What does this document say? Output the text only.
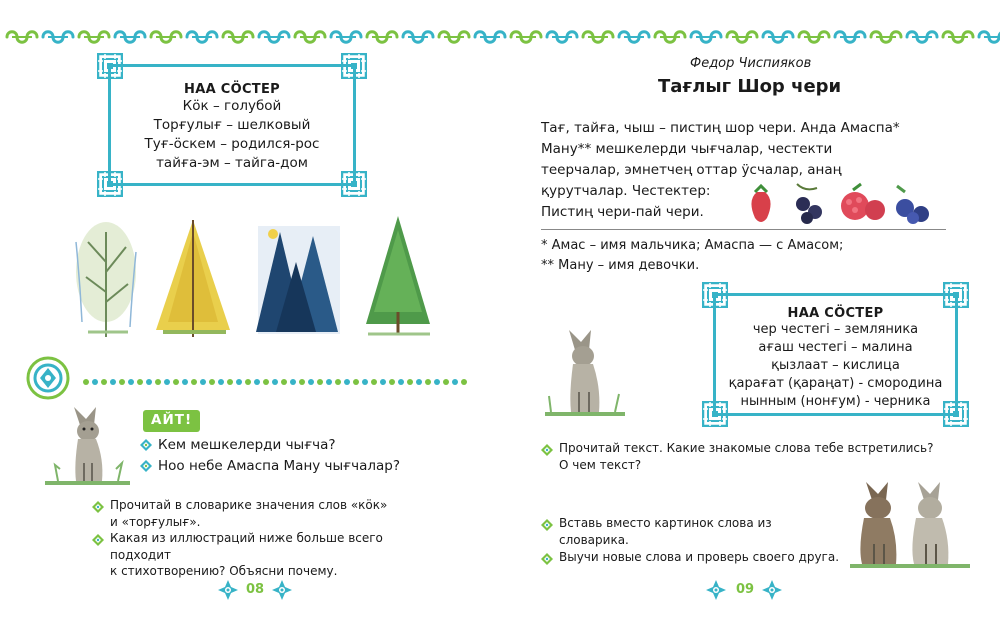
НАА СӦСТЕР
Кӧк – голубой
Торғулығ – шелковый
Туғ-ӧскем – родился-рос
тайға-эм – тайга-дом
АЙТ!
Кем мешкелерди чығча?
Ноо небе Амаспа Ману чығчалар?
Прочитай в словарике значения слов «кӧк»
и «торғулығ».
Какая из иллюстраций ниже больше всего подходит
к стихотворению? Объясни почему.
08
Федор Чиспияков
Тағлыг Шор чери

Тағ, тайға, чыш – пистиң шор чери. Анда Амаспа*

Ману** мешкелерди чығчалар, честекти

теерчалар, эмнетчең оттар ӱсчалар, анаң

қурутчалар. Честектер:

Пистиң чери-пай чери.

* Амас – имя мальчика; Амаспа — с Амасом;
** Ману – имя девочки.
НАА СӦСТЕР
чер честегi – земляника
ағаш честегi – малина
қызлаат – кислица
қарағат (қараңат) - смородина
нынным (нонғум) - черника
Прочитай текст. Какие знакомые слова тебе встретились?
О чем текст?
Вставь вместо картинок слова из словарика.
Выучи новые слова и проверь своего друга.
09
